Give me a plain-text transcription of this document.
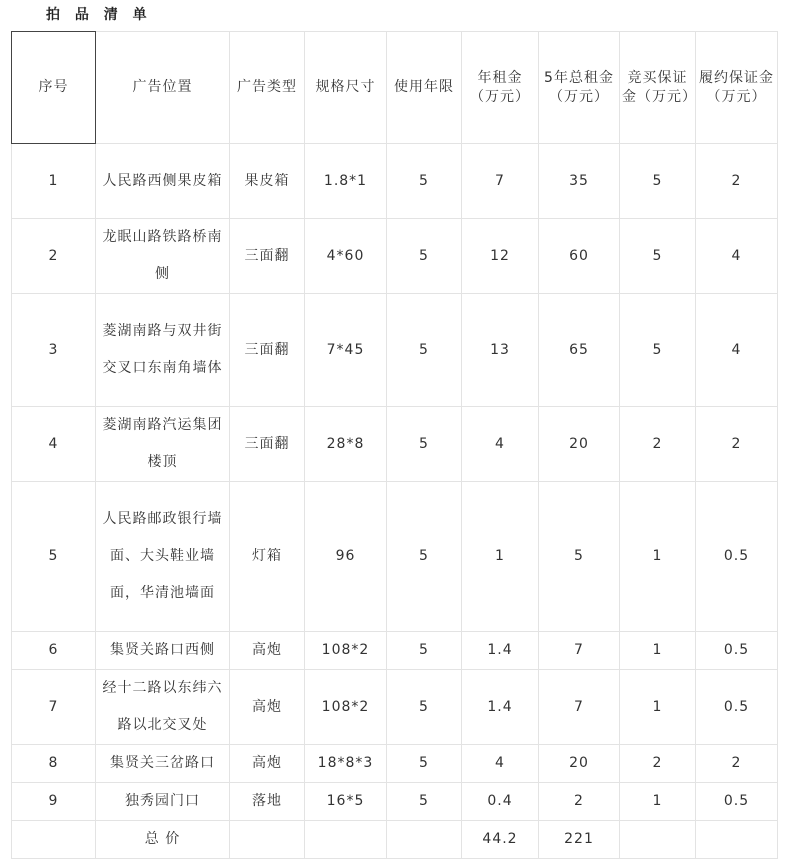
拍 品 清 单
序号	广告位置	广告类型	规格尺寸	使用年限	年租金（万元）	5年总租金（万元）	竞买保证金（万元）	履约保证金（万元）

1	人民路西侧果皮箱	果皮箱	1.8*1	5	7	35	5	2
2	龙眠山路铁路桥南侧	三面翻	4*60	5	12	60	5	4
3	菱湖南路与双井街交叉口东南角墙体	三面翻	7*45	5	13	65	5	4
4	菱湖南路汽运集团楼顶	三面翻	28*8	5	4	20	2	2
5	人民路邮政银行墙面、大头鞋业墙面，华清池墙面	灯箱	96	5	1	5	1	0.5
6	集贤关路口西侧	高炮	108*2	5	1.4	7	1	0.5
7	经十二路以东纬六路以北交叉处	高炮	108*2	5	1.4	7	1	0.5
8	集贤关三岔路口	高炮	18*8*3	5	4	20	2	2
9	独秀园门口	落地	16*5	5	0.4	2	1	0.5
	总 价				44.2	221		
